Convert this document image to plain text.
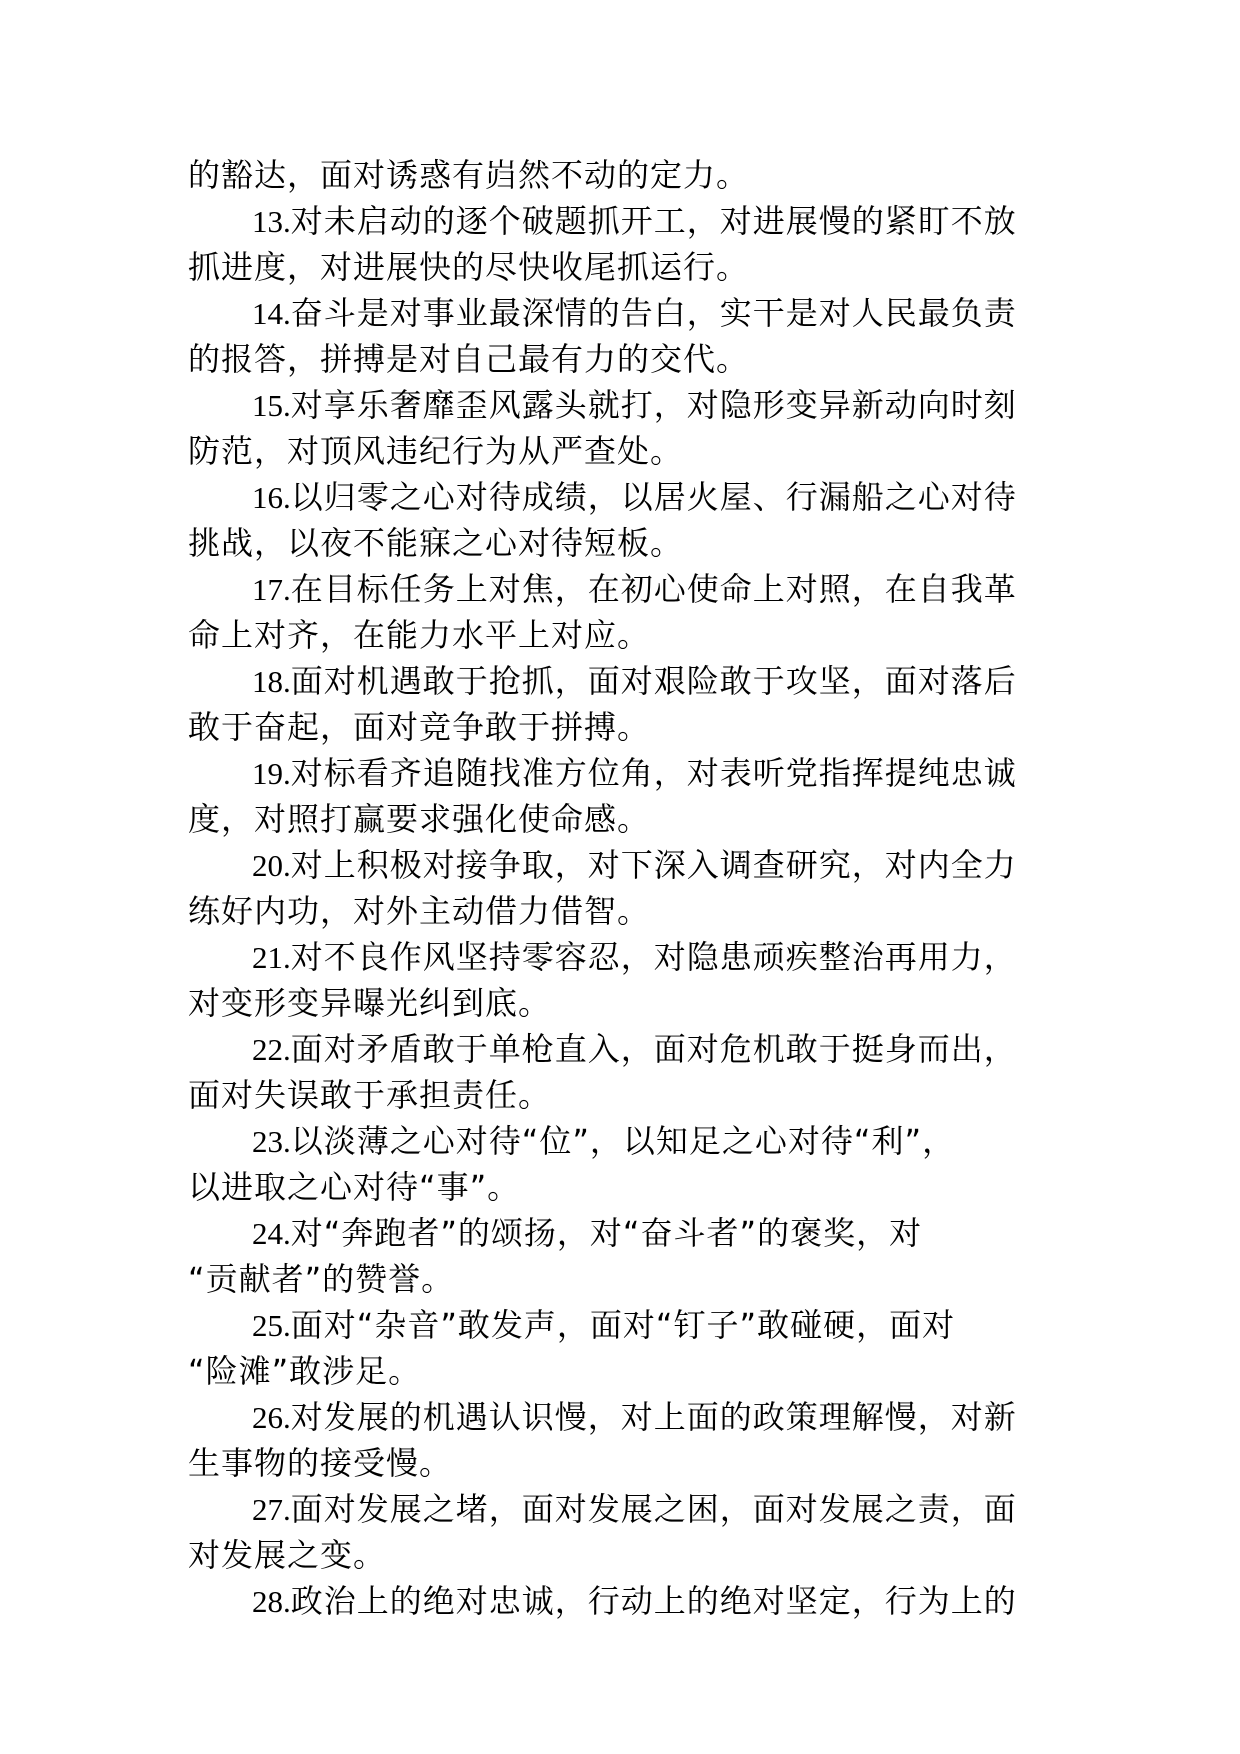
的豁达，面对诱惑有岿然不动的定力。
13.对未启动的逐个破题抓开工，对进展慢的紧盯不放
抓进度，对进展快的尽快收尾抓运行。
14.奋斗是对事业最深情的告白，实干是对人民最负责
的报答，拼搏是对自己最有力的交代。
15.对享乐奢靡歪风露头就打，对隐形变异新动向时刻
防范，对顶风违纪行为从严查处。
16.以归零之心对待成绩，以居火屋、行漏船之心对待
挑战，以夜不能寐之心对待短板。
17.在目标任务上对焦，在初心使命上对照，在自我革
命上对齐，在能力水平上对应。
18.面对机遇敢于抢抓，面对艰险敢于攻坚，面对落后
敢于奋起，面对竞争敢于拼搏。
19.对标看齐追随找准方位角，对表听党指挥提纯忠诚
度，对照打赢要求强化使命感。
20.对上积极对接争取，对下深入调查研究，对内全力
练好内功，对外主动借力借智。
21.对不良作风坚持零容忍，对隐患顽疾整治再用力，
对变形变异曝光纠到底。
22.面对矛盾敢于单枪直入，面对危机敢于挺身而出，
面对失误敢于承担责任。
23.以淡薄之心对待“位”，以知足之心对待“利”，
以进取之心对待“事”。
24.对“奔跑者”的颂扬，对“奋斗者”的褒奖，对
“贡献者”的赞誉。
25.面对“杂音”敢发声，面对“钉子”敢碰硬，面对
“险滩”敢涉足。
26.对发展的机遇认识慢，对上面的政策理解慢，对新
生事物的接受慢。
27.面对发展之堵，面对发展之困，面对发展之责，面
对发展之变。
28.政治上的绝对忠诚，行动上的绝对坚定，行为上的
